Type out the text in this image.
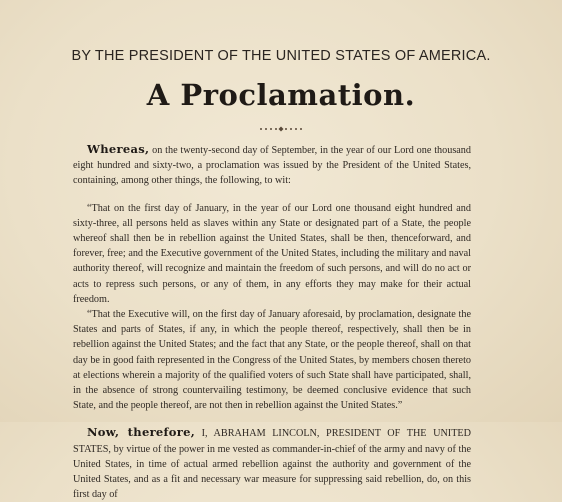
BY THE PRESIDENT OF THE UNITED STATES OF AMERICA.
A Proclamation.

Whereas, on the twenty-second day of September, in the year of our Lord one thousand eight hundred and sixty-two, a proclamation was issued by the President of the United States, containing, among other things, the following, to wit:

“That on the first day of January, in the year of our Lord one thousand eight hundred and sixty-three, all persons held as slaves within any State or designated part of a State, the people whereof shall then be in rebellion against the United States, shall be then, thenceforward, and forever, free; and the Executive government of the United States, including the military and naval authority thereof, will recognize and maintain the freedom of such persons, and will do no act or acts to repress such persons, or any of them, in any efforts they may make for their actual freedom.

“That the Executive will, on the first day of January aforesaid, by proclamation, designate the States and parts of States, if any, in which the people thereof, respectively, shall then be in rebellion against the United States; and the fact that any State, or the people thereof, shall on that day be in good faith represented in the Congress of the United States, by members chosen thereto at elections wherein a majority of the qualified voters of such State shall have participated, shall, in the absence of strong countervailing testimony, be deemed conclusive evidence that such State, and the people thereof, are not then in rebellion against the United States.”

Now, therefore, I, ABRAHAM LINCOLN, PRESIDENT OF THE UNITED STATES, by virtue of the power in me vested as commander-in-chief of the army and navy of the United States, in time of actual armed rebellion against the authority and government of the United States, and as a fit and necessary war measure for suppressing said rebellion, do, on this first day of
